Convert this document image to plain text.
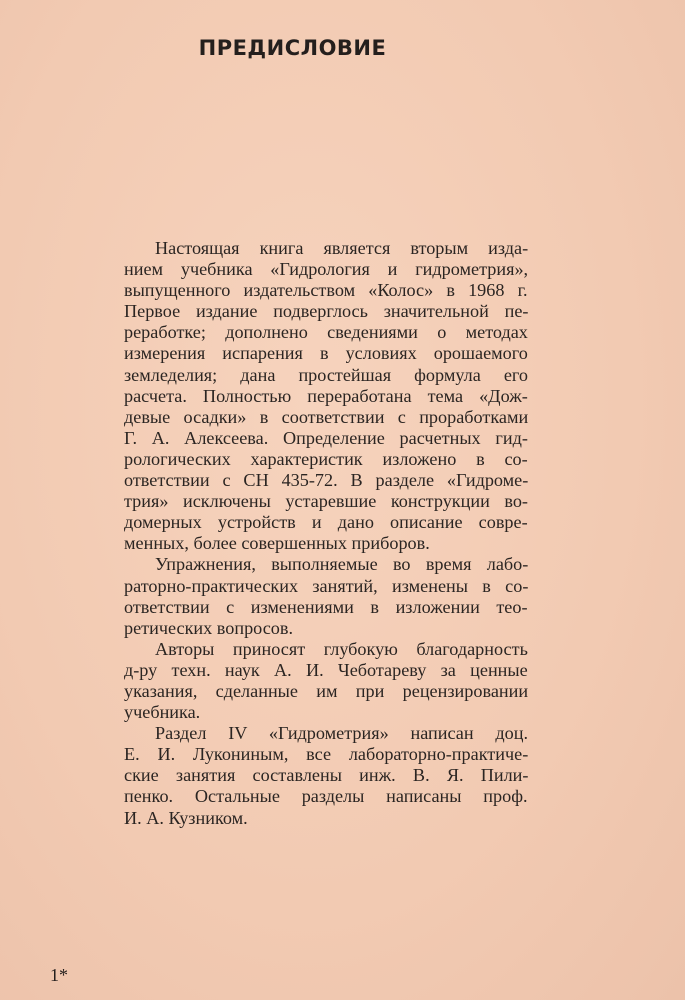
ПРЕДИСЛОВИЕ
Настоящая книга является вторым изда-
нием учебника «Гидрология и гидрометрия»,
выпущенного издательством «Колос» в 1968 г.
Первое издание подверглось значительной пе-
реработке; дополнено сведениями о методах
измерения испарения в условиях орошаемого
земледелия; дана простейшая формула его
расчета. Полностью переработана тема «Дож-
девые осадки» в соответствии с проработками
Г. А. Алексеева. Определение расчетных гид-
рологических характеристик изложено в со-
ответствии с СН 435-72. В разделе «Гидроме-
трия» исключены устаревшие конструкции во-
домерных устройств и дано описание совре-
менных, более совершенных приборов.
Упражнения, выполняемые во время лабо-
раторно-практических занятий, изменены в со-
ответствии с изменениями в изложении тео-
ретических вопросов.
Авторы приносят глубокую благодарность
д-ру техн. наук А. И. Чеботареву за ценные
указания, сделанные им при рецензировании
учебника.
Раздел IV «Гидрометрия» написан доц.
Е. И. Лукониным, все лабораторно-практиче-
ские занятия составлены инж. В. Я. Пили-
пенко. Остальные разделы написаны проф.
И. А. Кузником.
1*
